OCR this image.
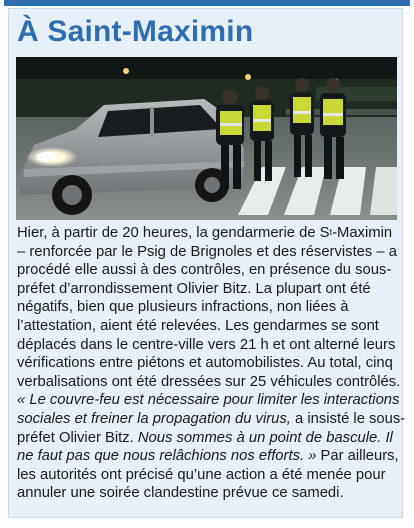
À Saint-Maximin

Hier, à partir de 20 heures, la gendarmerie de $S^t$-Maximin
– renforcée par le Psig de Brignoles et des réservistes – a
procédé elle aussi à des contrôles, en présence du sous-
préfet d’arrondissement Olivier Bitz. La plupart ont été
négatifs, bien que plusieurs infractions, non liées à
l’attestation, aient été relevées. Les gendarmes se sont
déplacés dans le centre-ville vers 21 h et ont alterné leurs
vérifications entre piétons et automobilistes. Au total, cinq
verbalisations ont été dressées sur 25 véhicules contrôlés.
« Le couvre-feu est nécessaire pour limiter les interactions
sociales et freiner la propagation du virus, a insisté le sous-
préfet Olivier Bitz. Nous sommes à un point de bascule. Il
ne faut pas que nous relâchions nos efforts. » Par ailleurs,
les autorités ont précisé qu’une action a été menée pour
annuler une soirée clandestine prévue ce samedi.
